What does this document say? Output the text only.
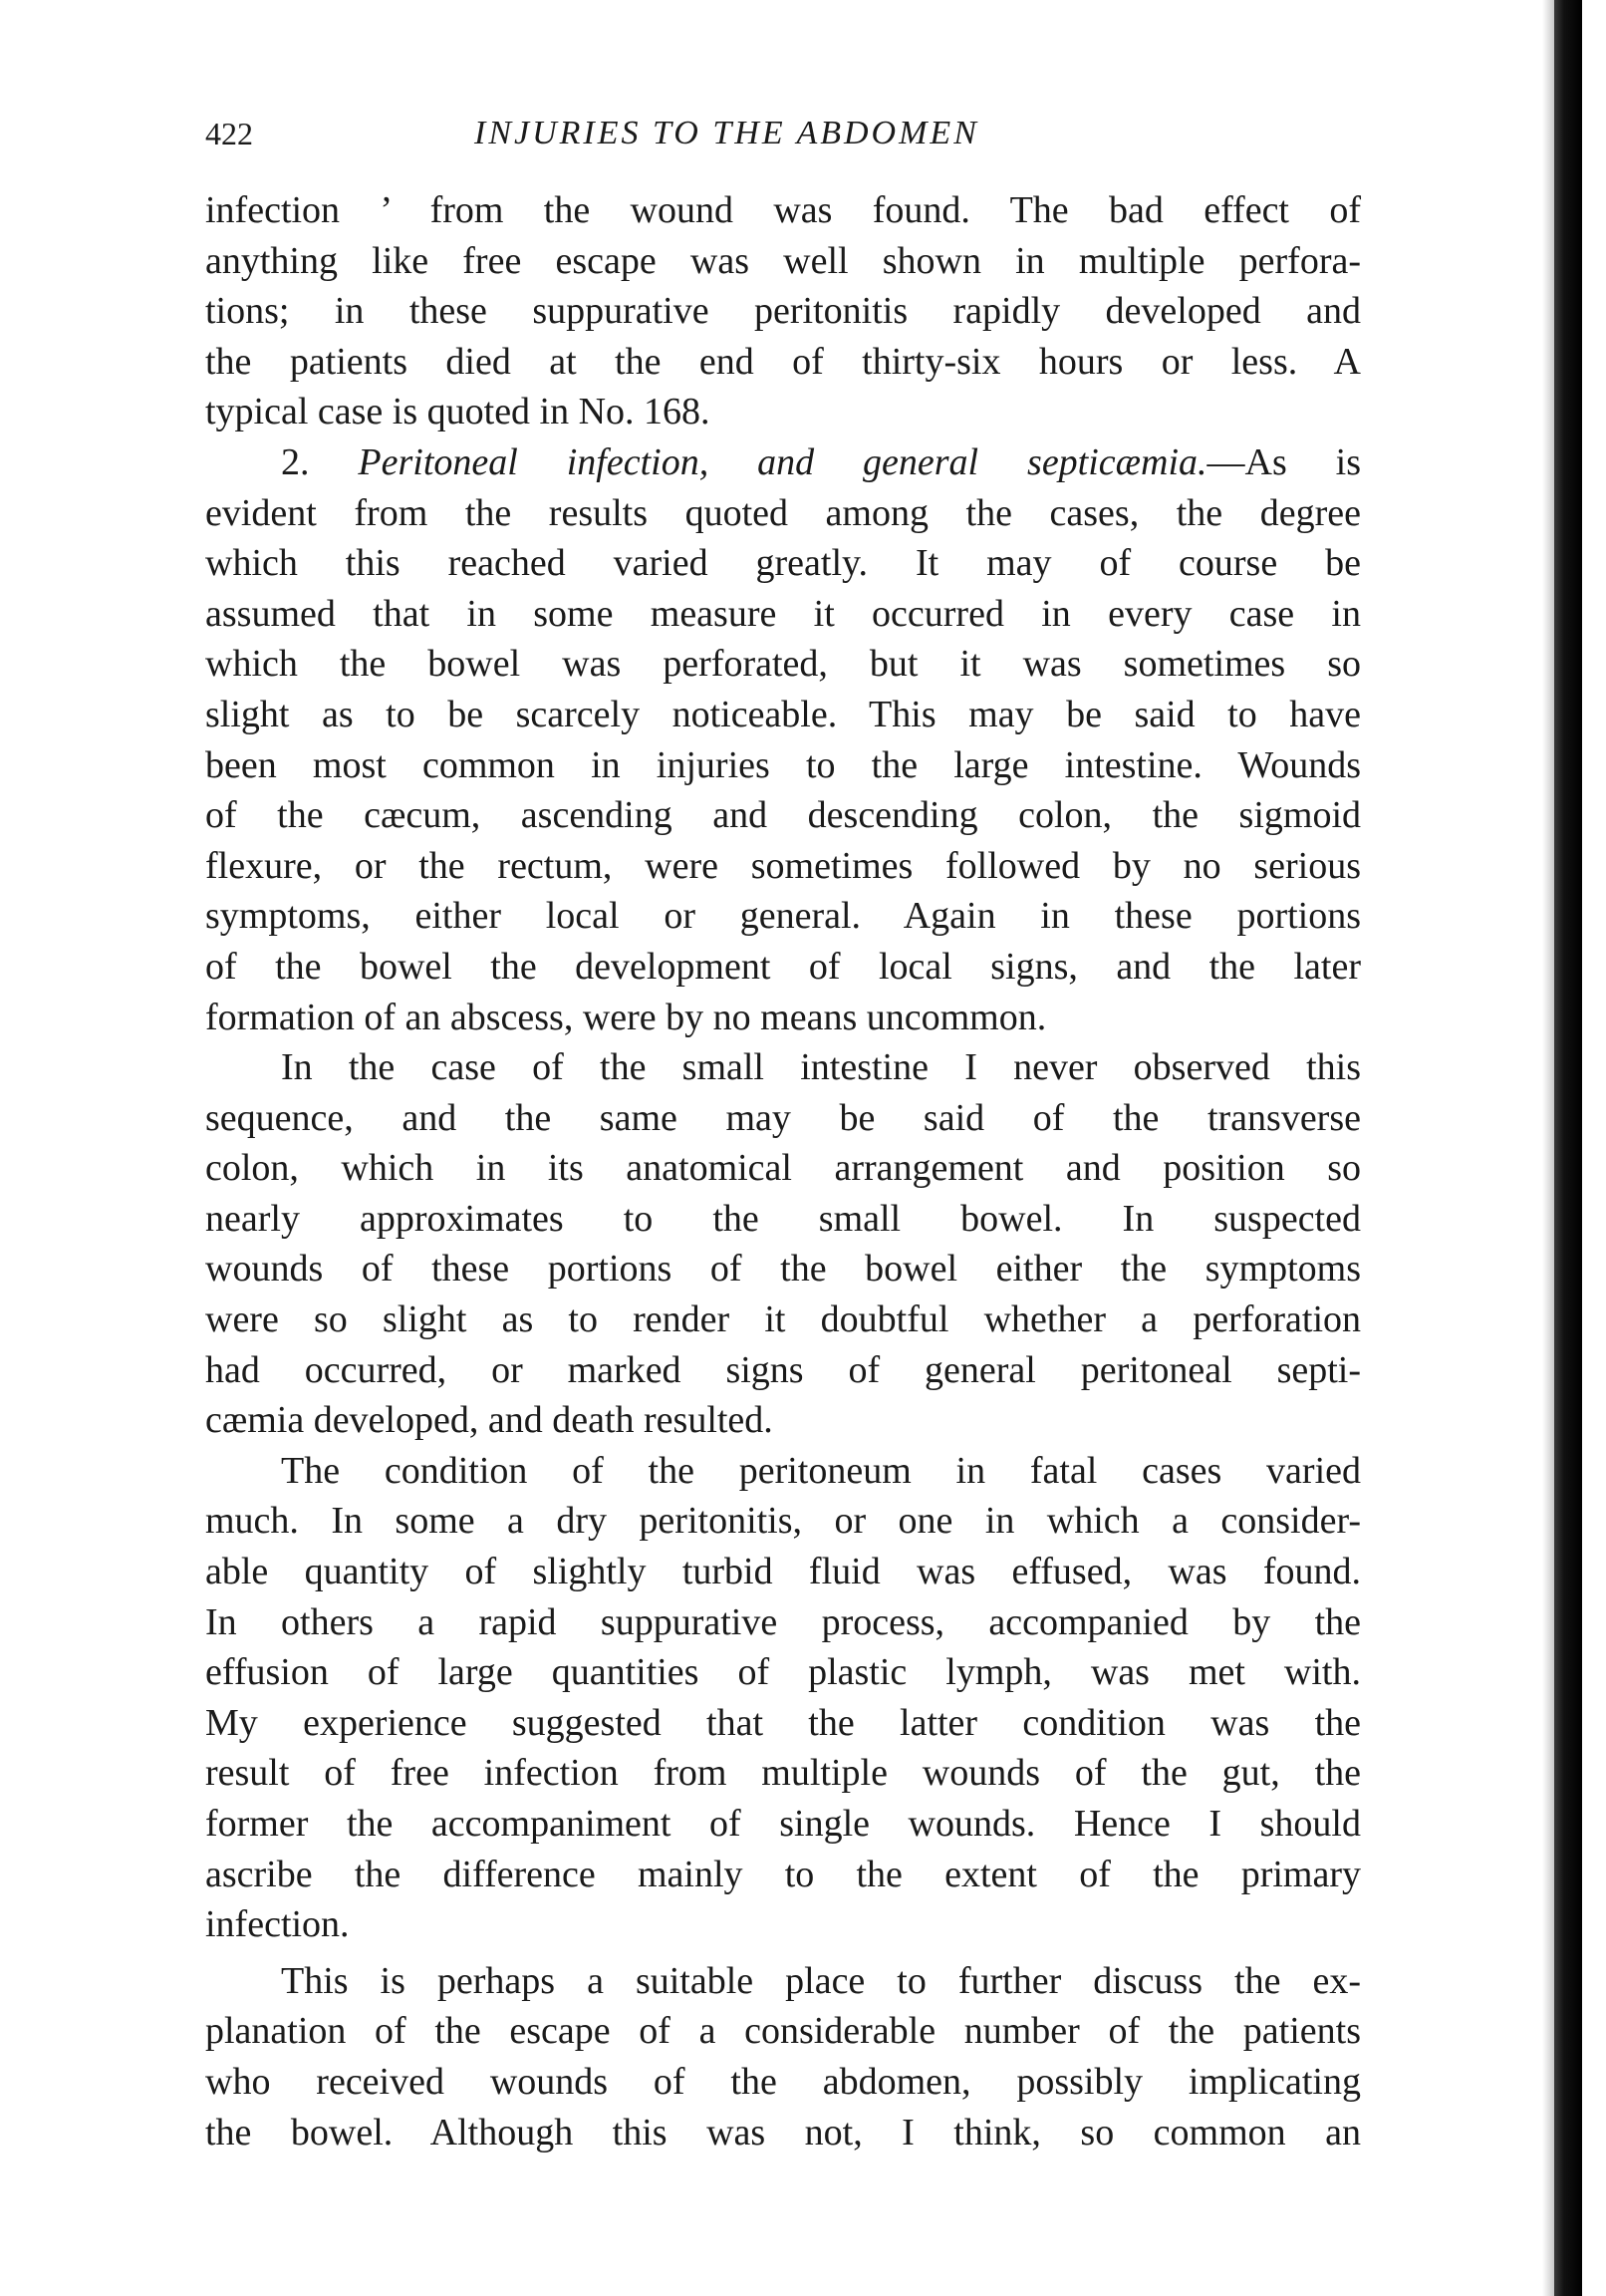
422	INJURIES TO THE ABDOMEN
infection ’ from the wound was found. The bad effect of
anything like free escape was well shown in multiple perfora-
tions; in these suppurative peritonitis rapidly developed and
the patients died at the end of thirty-six hours or less. A
typical case is quoted in No. 168.
2. Peritoneal infection, and general septicæmia.—As is
evident from the results quoted among the cases, the degree
which this reached varied greatly. It may of course be
assumed that in some measure it occurred in every case in
which the bowel was perforated, but it was sometimes so
slight as to be scarcely noticeable. This may be said to have
been most common in injuries to the large intestine. Wounds
of the cæcum, ascending and descending colon, the sigmoid
flexure, or the rectum, were sometimes followed by no serious
symptoms, either local or general. Again in these portions
of the bowel the development of local signs, and the later
formation of an abscess, were by no means uncommon.
In the case of the small intestine I never observed this
sequence, and the same may be said of the transverse
colon, which in its anatomical arrangement and position so
nearly approximates to the small bowel. In suspected
wounds of these portions of the bowel either the symptoms
were so slight as to render it doubtful whether a perforation
had occurred, or marked signs of general peritoneal septi-
cæmia developed, and death resulted.
The condition of the peritoneum in fatal cases varied
much. In some a dry peritonitis, or one in which a consider-
able quantity of slightly turbid fluid was effused, was found.
In others a rapid suppurative process, accompanied by the
effusion of large quantities of plastic lymph, was met with.
My experience suggested that the latter condition was the
result of free infection from multiple wounds of the gut, the
former the accompaniment of single wounds. Hence I should
ascribe the difference mainly to the extent of the primary
infection.
This is perhaps a suitable place to further discuss the ex-
planation of the escape of a considerable number of the patients
who received wounds of the abdomen, possibly implicating
the bowel. Although this was not, I think, so common an
